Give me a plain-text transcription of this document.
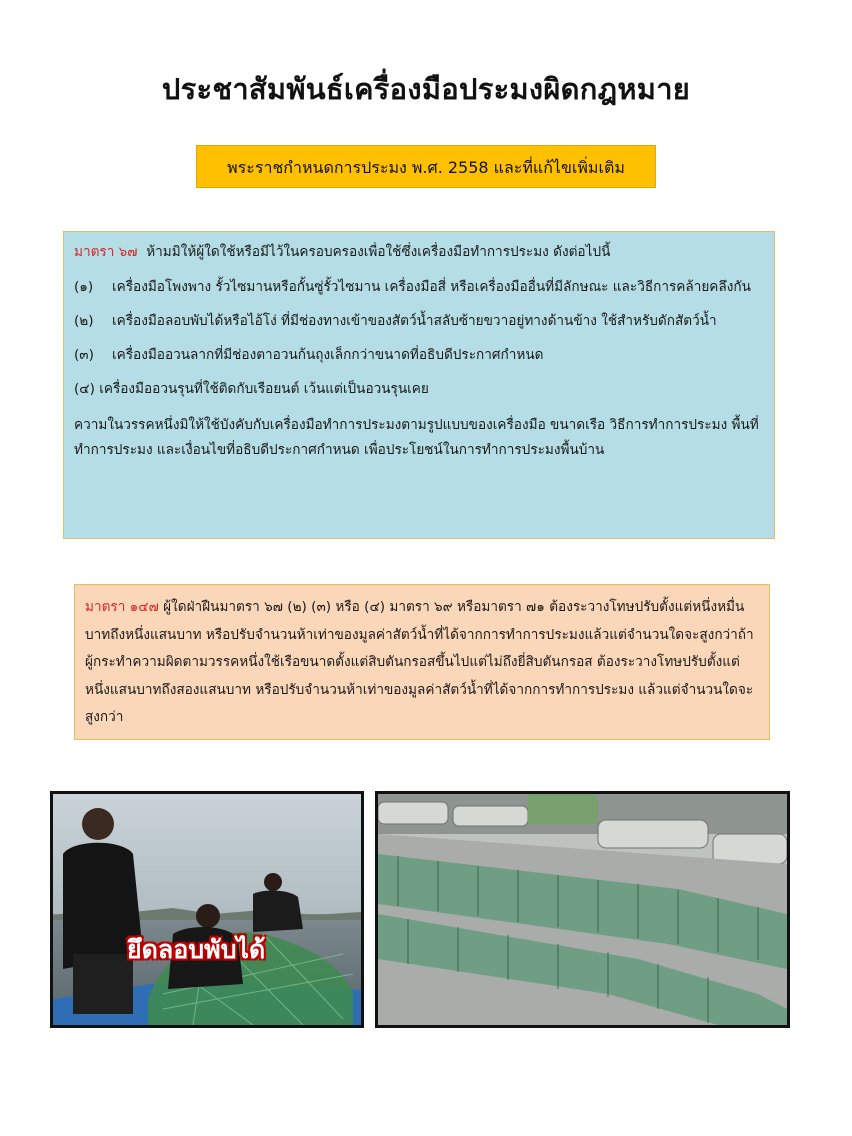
ประชาสัมพันธ์เครื่องมือประมงผิดกฎหมาย
พระราชกำหนดการประมง พ.ศ. 2558 และที่แก้ไขเพิ่มเติม

มาตรา ๖๗ ห้ามมิให้ผู้ใดใช้หรือมีไว้ในครอบครองเพื่อใช้ซึ่งเครื่องมือทำการประมง ดังต่อไปนี้

(๑)	เครื่องมือโพงพาง รั้วไซมานหรือกั้นซู่รั้วไซมาน เครื่องมือสี่ หรือเครื่องมืออื่นที่มีลักษณะ และวิธีการคล้ายคลึงกัน
(๒)	เครื่องมือลอบพับได้หรือไอ้โง่ ที่มีช่องทางเข้าของสัตว์น้ำสลับซ้ายขวาอยู่ทางด้านข้าง ใช้สำหรับดักสัตว์น้ำ
(๓)	เครื่องมืออวนลากที่มีช่องตาอวนก้นถุงเล็กกว่าขนาดที่อธิบดีประกาศกำหนด

(๔) เครื่องมืออวนรุนที่ใช้ติดกับเรือยนต์ เว้นแต่เป็นอวนรุนเคย

ความในวรรคหนึ่งมิให้ใช้บังคับกับเครื่องมือทำการประมงตามรูปแบบของเครื่องมือ ขนาดเรือ วิธีการทำการประมง พื้นที่ทำการประมง และเงื่อนไขที่อธิบดีประกาศกำหนด เพื่อประโยชน์ในการทำการประมงพื้นบ้าน

มาตรา ๑๔๗ ผู้ใดฝ่าฝืนมาตรา ๖๗ (๒) (๓) หรือ (๔) มาตรา ๖๙ หรือมาตรา ๗๑ ต้องระวางโทษปรับตั้งแต่หนึ่งหมื่นบาทถึงหนึ่งแสนบาท หรือปรับจำนวนห้าเท่าของมูลค่าสัตว์น้ำที่ได้จากการทำการประมงแล้วแต่จำนวนใดจะสูงกว่าถ้าผู้กระทำความผิดตามวรรคหนึ่งใช้เรือขนาดตั้งแต่สิบตันกรอสขึ้นไปแต่ไม่ถึงยี่สิบตันกรอส ต้องระวางโทษปรับตั้งแต่หนึ่งแสนบาทถึงสองแสนบาท หรือปรับจำนวนห้าเท่าของมูลค่าสัตว์น้ำที่ได้จากการทำการประมง แล้วแต่จำนวนใดจะสูงกว่า

ยึดลอบพับได้
